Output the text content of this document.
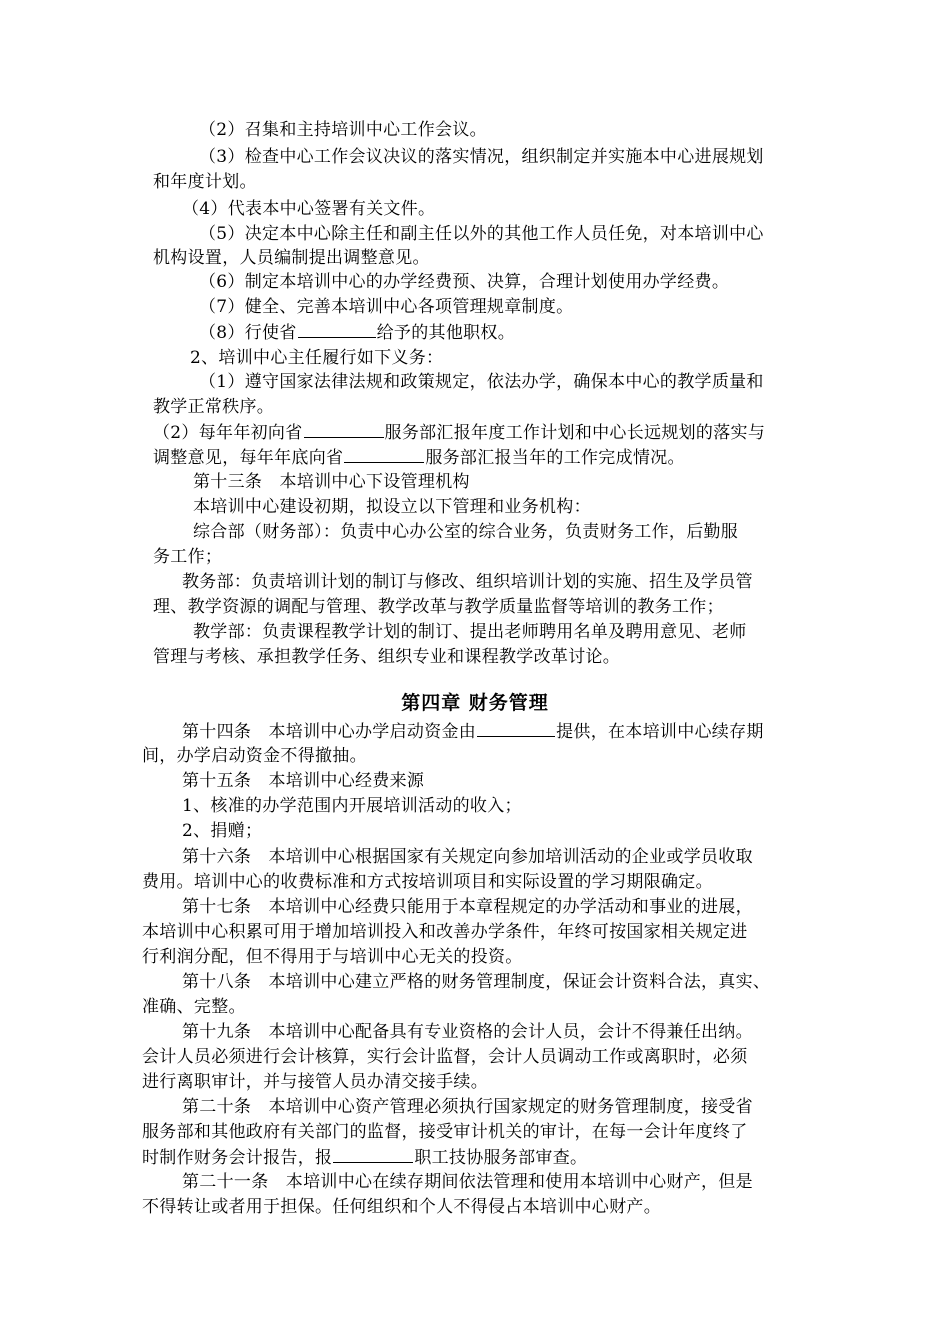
（2）召集和主持培训中心工作会议。
（3）检查中心工作会议决议的落实情况，组织制定并实施本中心进展规划
和年度计划。
（4）代表本中心签署有关文件。
（5）决定本中心除主任和副主任以外的其他工作人员任免，对本培训中心
机构设置，人员编制提出调整意见。
（6）制定本培训中心的办学经费预、决算，合理计划使用办学经费。
（7）健全、完善本培训中心各项管理规章制度。
（8）行使省	给予的其他职权。
2、培训中心主任履行如下义务：
（1）遵守国家法律法规和政策规定，依法办学，确保本中心的教学质量和
教学正常秩序。
（2）每年年初向省	服务部汇报年度工作计划和中心长远规划的落实与
调整意见，每年年底向省	服务部汇报当年的工作完成情况。
第十三条　本培训中心下设管理机构
本培训中心建设初期，拟设立以下管理和业务机构：
综合部（财务部）：负责中心办公室的综合业务，负责财务工作，后勤服
务工作；
教务部：负责培训计划的制订与修改、组织培训计划的实施、招生及学员管
理、教学资源的调配与管理、教学改革与教学质量监督等培训的教务工作；
教学部：负责课程教学计划的制订、提出老师聘用名单及聘用意见、老师
管理与考核、承担教学任务、组织专业和课程教学改革讨论。
第四章 财务管理
第十四条　本培训中心办学启动资金由	提供，在本培训中心续存期
间，办学启动资金不得撤抽。
第十五条　本培训中心经费来源
1、核准的办学范围内开展培训活动的收入；
2、捐赠；
第十六条　本培训中心根据国家有关规定向参加培训活动的企业或学员收取
费用。培训中心的收费标准和方式按培训项目和实际设置的学习期限确定。
第十七条　本培训中心经费只能用于本章程规定的办学活动和事业的进展，
本培训中心积累可用于增加培训投入和改善办学条件，年终可按国家相关规定进
行利润分配，但不得用于与培训中心无关的投资。
第十八条　本培训中心建立严格的财务管理制度，保证会计资料合法，真实、
准确、完整。
第十九条　本培训中心配备具有专业资格的会计人员，会计不得兼任出纳。
会计人员必须进行会计核算，实行会计监督，会计人员调动工作或离职时，必须
进行离职审计，并与接管人员办清交接手续。
第二十条　本培训中心资产管理必须执行国家规定的财务管理制度，接受省
服务部和其他政府有关部门的监督，接受审计机关的审计，在每一会计年度终了
时制作财务会计报告，报	职工技协服务部审查。
第二十一条　本培训中心在续存期间依法管理和使用本培训中心财产，但是
不得转让或者用于担保。任何组织和个人不得侵占本培训中心财产。
